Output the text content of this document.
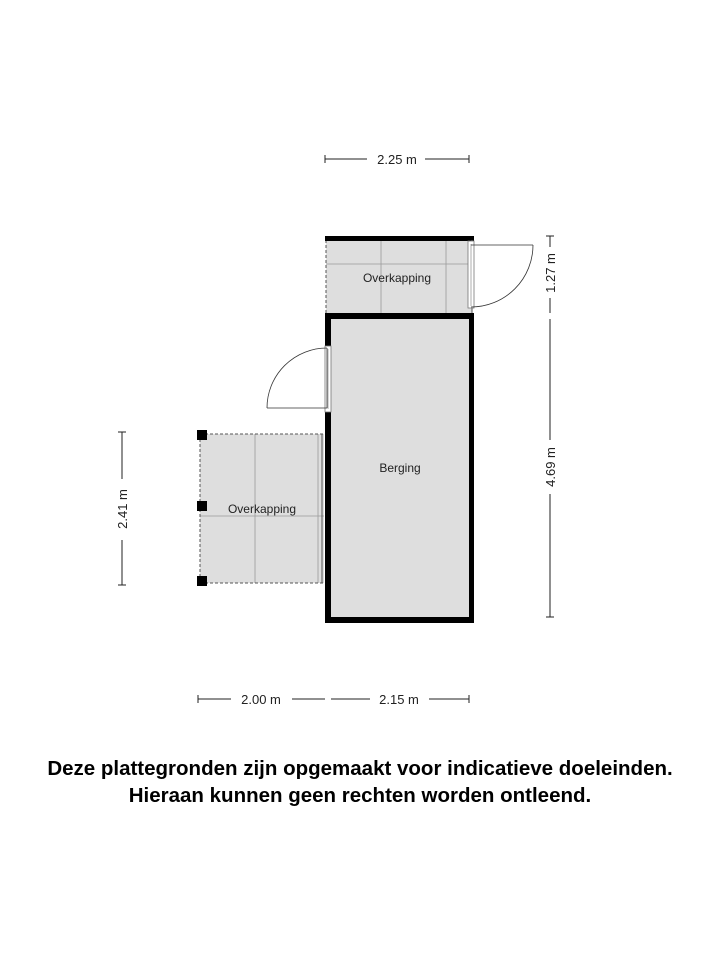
Overkapping
Berging
Overkapping
2.25 m
1.27 m
4.69 m
2.41 m
2.00 m	2.15 m
Deze plattegronden zijn opgemaakt voor indicatieve doeleinden.
Hieraan kunnen geen rechten worden ontleend.
